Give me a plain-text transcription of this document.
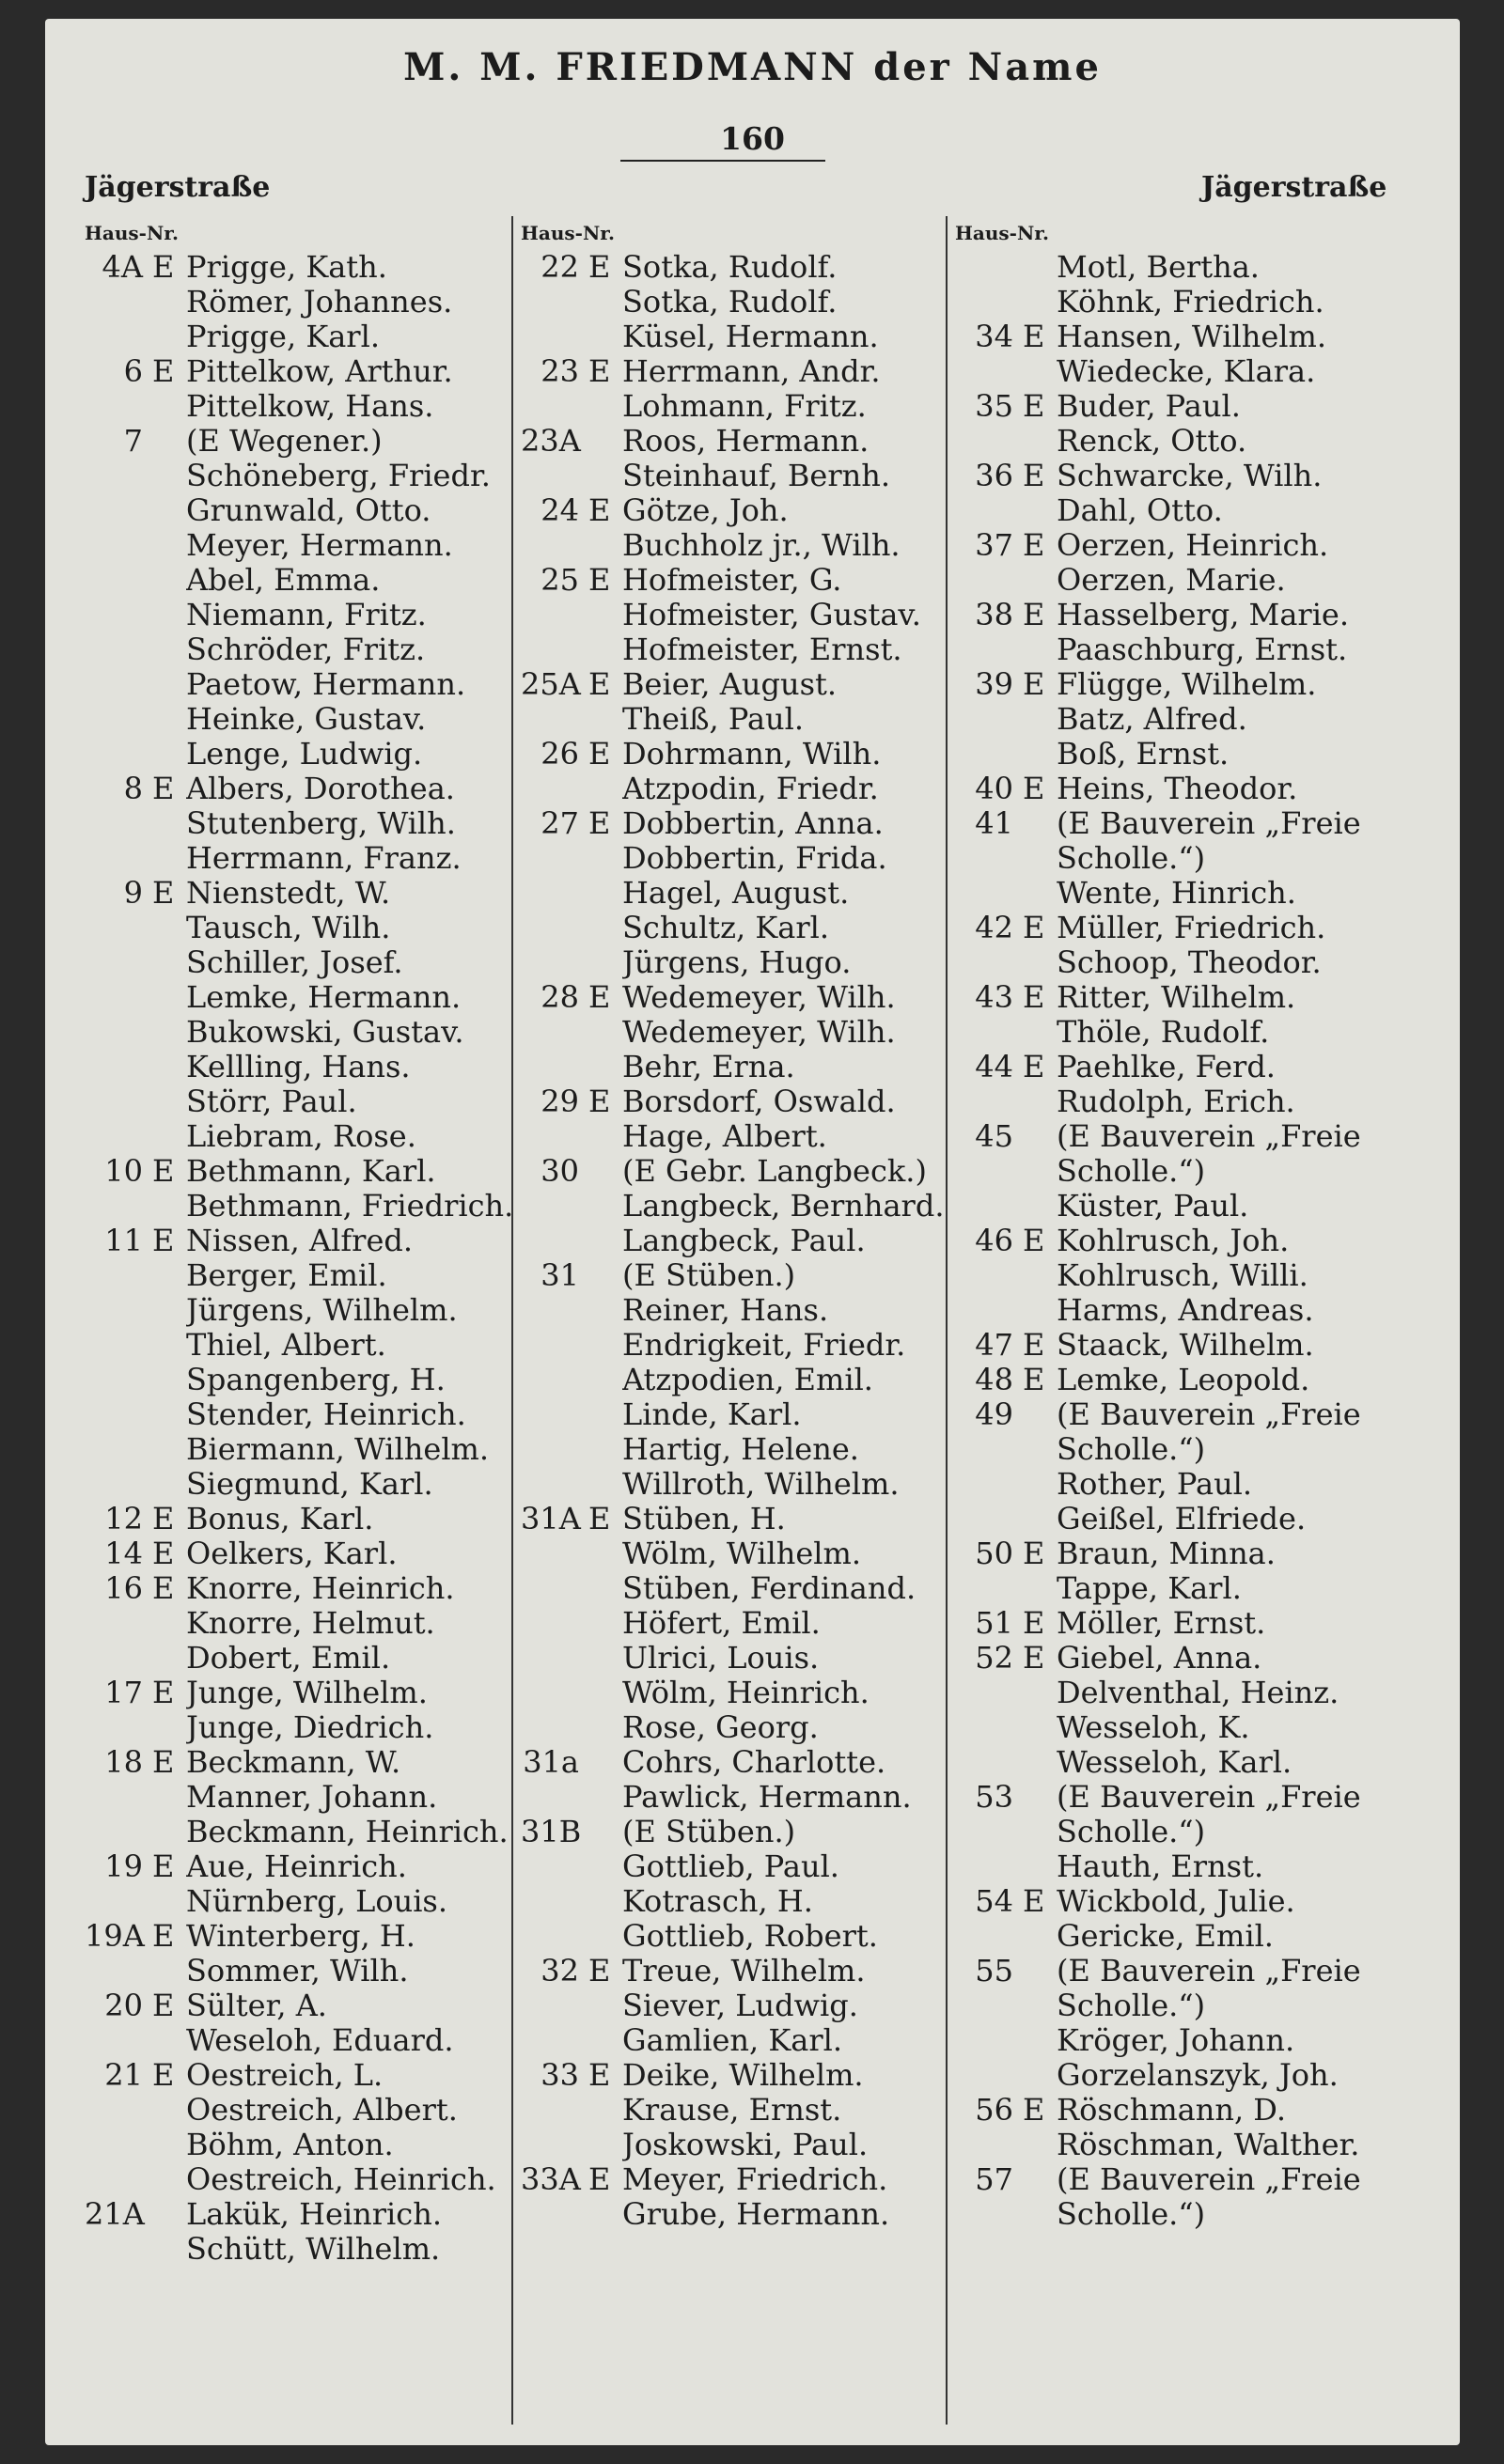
M. M. FRIEDMANN der Name
160
Jägerstraße	Jägerstraße
Haus-Nr.
4A E Prigge, Kath.
Römer, Johannes.
Prigge, Karl.
6 E Pittelkow, Arthur.
Pittelkow, Hans.
7	(E Wegener.)
Schöneberg, Friedr.
Grunwald, Otto.
Meyer, Hermann.
Abel, Emma.
Niemann, Fritz.
Schröder, Fritz.
Paetow, Hermann.
Heinke, Gustav.
Lenge, Ludwig.
8 E Albers, Dorothea.
Stutenberg, Wilh.
Herrmann, Franz.
9 E Nienstedt, W.
Tausch, Wilh.
Schiller, Josef.
Lemke, Hermann.
Bukowski, Gustav.
Kellling, Hans.
Störr, Paul.
Liebram, Rose.
10 E Bethmann, Karl.
Bethmann, Friedrich.
11 E Nissen, Alfred.
Berger, Emil.
Jürgens, Wilhelm.
Thiel, Albert.
Spangenberg, H.
Stender, Heinrich.
Biermann, Wilhelm.
Siegmund, Karl.
12 E Bonus, Karl.
14 E Oelkers, Karl.
16 E Knorre, Heinrich.
Knorre, Helmut.
Dobert, Emil.
17 E Junge, Wilhelm.
Junge, Diedrich.
18 E Beckmann, W.
Manner, Johann.
Beckmann, Heinrich.
19 E Aue, Heinrich.
Nürnberg, Louis.
19A E Winterberg, H.
Sommer, Wilh.
20 E Sülter, A.
Weseloh, Eduard.
21 E Oestreich, L.
Oestreich, Albert.
Böhm, Anton.
Oestreich, Heinrich.
21A Lakük, Heinrich.
Schütt, Wilhelm.
Haus-Nr.
22 E Sotka, Rudolf.
Sotka, Rudolf.
Küsel, Hermann.
23 E Herrmann, Andr.
Lohmann, Fritz.
23A Roos, Hermann.
Steinhauf, Bernh.
24 E Götze, Joh.
Buchholz jr., Wilh.
25 E Hofmeister, G.
Hofmeister, Gustav.
Hofmeister, Ernst.
25A E Beier, August.
Theiß, Paul.
26 E Dohrmann, Wilh.
Atzpodin, Friedr.
27 E Dobbertin, Anna.
Dobbertin, Frida.
Hagel, August.
Schultz, Karl.
Jürgens, Hugo.
28 E Wedemeyer, Wilh.
Wedemeyer, Wilh.
Behr, Erna.
29 E Borsdorf, Oswald.
Hage, Albert.
30	(E Gebr. Langbeck.)
Langbeck, Bernhard.
Langbeck, Paul.
31	(E Stüben.)
Reiner, Hans.
Endrigkeit, Friedr.
Atzpodien, Emil.
Linde, Karl.
Hartig, Helene.
Willroth, Wilhelm.
31A E Stüben, H.
Wölm, Wilhelm.
Stüben, Ferdinand.
Höfert, Emil.
Ulrici, Louis.
Wölm, Heinrich.
Rose, Georg.
31a	Cohrs, Charlotte.
Pawlick, Hermann.
31B (E Stüben.)
Gottlieb, Paul.
Kotrasch, H.
Gottlieb, Robert.
32 E Treue, Wilhelm.
Siever, Ludwig.
Gamlien, Karl.
33 E Deike, Wilhelm.
Krause, Ernst.
Joskowski, Paul.
33A E Meyer, Friedrich.
Grube, Hermann.
Haus-Nr.
Motl, Bertha.
Köhnk, Friedrich.
34 E Hansen, Wilhelm.
Wiedecke, Klara.
35 E Buder, Paul.
Renck, Otto.
36 E Schwarcke, Wilh.
Dahl, Otto.
37 E Oerzen, Heinrich.
Oerzen, Marie.
38 E Hasselberg, Marie.
Paaschburg, Ernst.
39 E Flügge, Wilhelm.
Batz, Alfred.
Boß, Ernst.
40 E Heins, Theodor.
41	(E Bauverein „Freie
Scholle.“)
Wente, Hinrich.
42 E Müller, Friedrich.
Schoop, Theodor.
43 E Ritter, Wilhelm.
Thöle, Rudolf.
44 E Paehlke, Ferd.
Rudolph, Erich.
45	(E Bauverein „Freie
Scholle.“)
Küster, Paul.
46 E Kohlrusch, Joh.
Kohlrusch, Willi.
Harms, Andreas.
47 E Staack, Wilhelm.
48 E Lemke, Leopold.
49	(E Bauverein „Freie
Scholle.“)
Rother, Paul.
Geißel, Elfriede.
50 E Braun, Minna.
Tappe, Karl.
51 E Möller, Ernst.
52 E Giebel, Anna.
Delventhal, Heinz.
Wesseloh, K.
Wesseloh, Karl.
53	(E Bauverein „Freie
Scholle.“)
Hauth, Ernst.
54 E Wickbold, Julie.
Gericke, Emil.
55	(E Bauverein „Freie
Scholle.“)
Kröger, Johann.
Gorzelanszyk, Joh.
56 E Röschmann, D.
Röschman, Walther.
57	(E Bauverein „Freie
Scholle.“)
